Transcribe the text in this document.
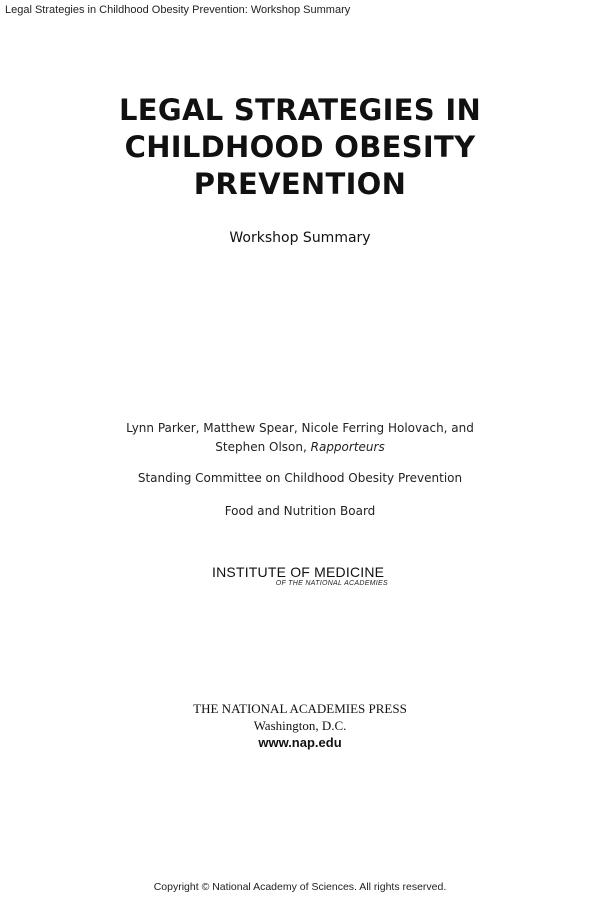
Legal Strategies in Childhood Obesity Prevention: Workshop Summary
LEGAL STRATEGIES IN
CHILDHOOD OBESITY
PREVENTION
Workshop Summary
Lynn Parker, Matthew Spear, Nicole Ferring Holovach, and
Stephen Olson, Rapporteurs
Standing Committee on Childhood Obesity Prevention
Food and Nutrition Board
INSTITUTE OF MEDICINE
OF THE NATIONAL ACADEMIES
THE NATIONAL ACADEMIES PRESS
Washington, D.C.
www.nap.edu
Copyright © National Academy of Sciences. All rights reserved.
